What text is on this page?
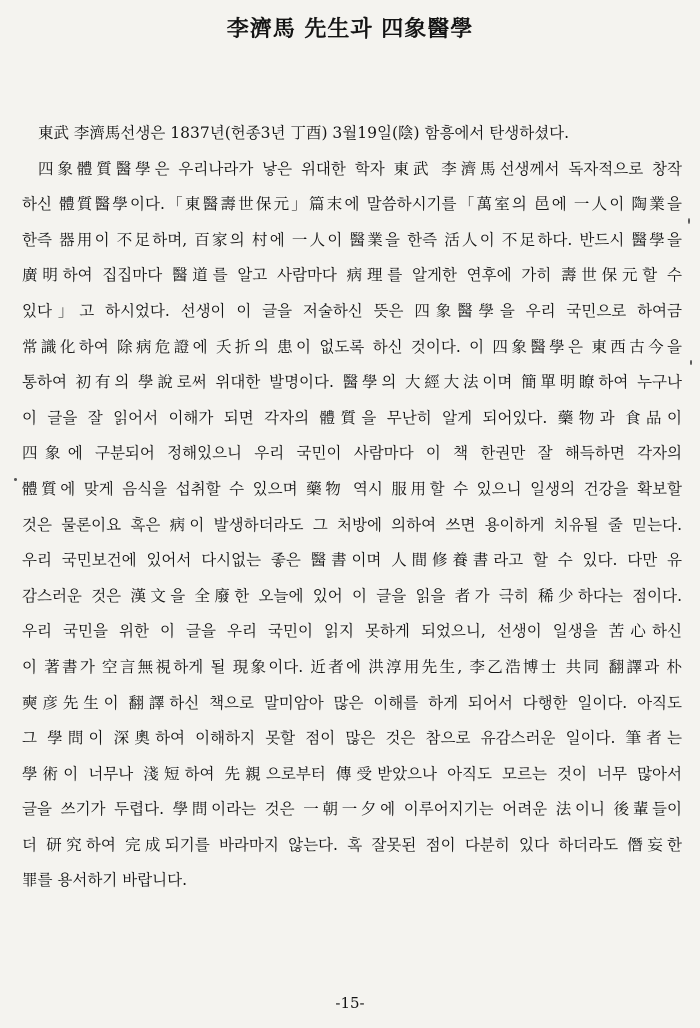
李濟馬 先生과 四象醫學
東武 李濟馬선생은 1837년(헌종3년 丁酉) 3월19일(陰) 함흥에서 탄생하셨다.
四象體質醫學은 우리나라가 낳은 위대한 학자 東武 李濟馬선생께서 독자적으로 창작
하신 體質醫學이다.「東醫壽世保元」篇末에 말씀하시기를「萬室의 邑에 一人이 陶業을
한즉 器用이 不足하며, 百家의 村에 一人이 醫業을 한즉 活人이 不足하다. 반드시 醫學을
廣明하여 집집마다 醫道를 알고 사람마다 病理를 알게한 연후에 가히 壽世保元할 수
있다」고 하시었다. 선생이 이 글을 저술하신 뜻은 四象醫學을 우리 국민으로 하여금
常識化하여 除病危證에 夭折의 患이 없도록 하신 것이다. 이 四象醫學은 東西古今을
통하여 初有의 學說로써 위대한 발명이다. 醫學의 大經大法이며 簡單明瞭하여 누구나
이 글을 잘 읽어서 이해가 되면 각자의 體質을 무난히 알게 되어있다. 藥物과 食品이
四象에 구분되어 정해있으니 우리 국민이 사람마다 이 책 한권만 잘 해득하면 각자의
體質에 맞게 음식을 섭취할 수 있으며 藥物 역시 服用할 수 있으니 일생의 건강을 확보할
것은 물론이요 혹은 病이 발생하더라도 그 처방에 의하여 쓰면 용이하게 치유될 줄 믿는다.
우리 국민보건에 있어서 다시없는 좋은 醫書이며 人間修養書라고 할 수 있다. 다만 유
감스러운 것은 漢文을 全廢한 오늘에 있어 이 글을 읽을 者가 극히 稀少하다는 점이다.
우리 국민을 위한 이 글을 우리 국민이 읽지 못하게 되었으니, 선생이 일생을 苦心하신
이 著書가 空言無視하게 될 現象이다. 近者에 洪淳用先生, 李乙浩博士 共同 翻譯과 朴
奭彦先生이 翻譯하신 책으로 말미암아 많은 이해를 하게 되어서 다행한 일이다. 아직도
그 學問이 深奧하여 이해하지 못할 점이 많은 것은 참으로 유감스러운 일이다. 筆者는
學術이 너무나 淺短하여 先親으로부터 傳受받았으나 아직도 모르는 것이 너무 많아서
글을 쓰기가 두렵다. 學問이라는 것은 一朝一夕에 이루어지기는 어려운 法이니 後輩들이
더 研究하여 完成되기를 바라마지 않는다. 혹 잘못된 점이 다분히 있다 하더라도 僭妄한
罪를 용서하기 바랍니다.
-15-
